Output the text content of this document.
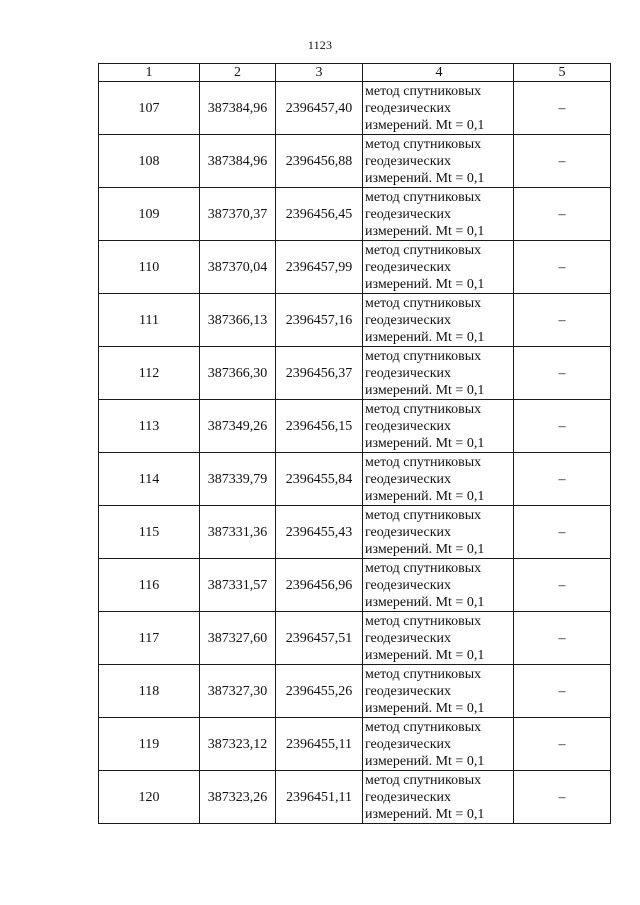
1123
1	2	3	4	5
107	387384,96	2396457,40	метод спутниковых геодезических измерений. Mt = 0,1	–
108	387384,96	2396456,88	метод спутниковых геодезических измерений. Mt = 0,1	–
109	387370,37	2396456,45	метод спутниковых геодезических измерений. Mt = 0,1	–
110	387370,04	2396457,99	метод спутниковых геодезических измерений. Mt = 0,1	–
111	387366,13	2396457,16	метод спутниковых геодезических измерений. Mt = 0,1	–
112	387366,30	2396456,37	метод спутниковых геодезических измерений. Mt = 0,1	–
113	387349,26	2396456,15	метод спутниковых геодезических измерений. Mt = 0,1	–
114	387339,79	2396455,84	метод спутниковых геодезических измерений. Mt = 0,1	–
115	387331,36	2396455,43	метод спутниковых геодезических измерений. Mt = 0,1	–
116	387331,57	2396456,96	метод спутниковых геодезических измерений. Mt = 0,1	–
117	387327,60	2396457,51	метод спутниковых геодезических измерений. Mt = 0,1	–
118	387327,30	2396455,26	метод спутниковых геодезических измерений. Mt = 0,1	–
119	387323,12	2396455,11	метод спутниковых геодезических измерений. Mt = 0,1	–
120	387323,26	2396451,11	метод спутниковых геодезических измерений. Mt = 0,1	–
